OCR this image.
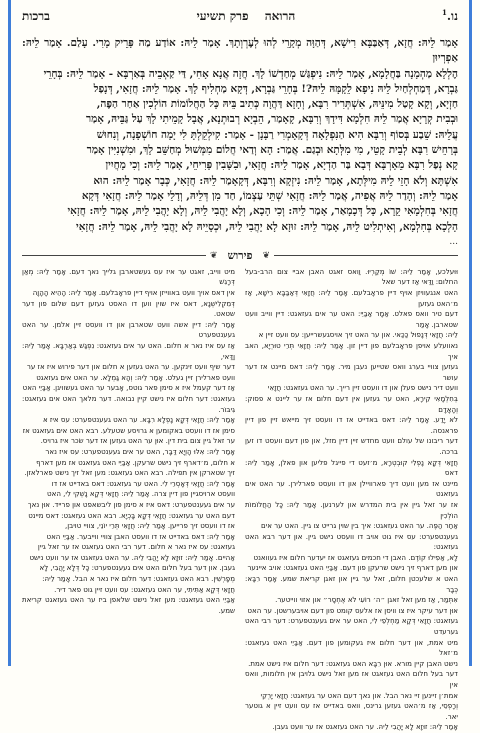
נו.$^1$
הרואה פרק תשיעי
ברכות
אָמַר לֵיהּ: חֲזָא, דְּאַבַּבָּא רִישָׁא, דְּהַוָּה מְקָרֵי לְהוּ לְעֶרְוְתָךְ. אָמַר לֵיהּ: אוֹדַע מַה פָּרֵיק מָרִי. עָלַם. אָמַר לֵיהּ: אַפְרְיוּן
הֶלְלָא מַהְמָנָה בַּחֲלָמָא, אָמַר לֵיהּ: נִיפְגַּשׁ מְחַדְשׁוֹ לָךְ. חֲזָה אֲנָא אָחִי, דַּי קַאְבֵיה בְּאַרְבָּא - אָמַר לֵיהּ: בְּחָרֵי
גַּבְרָא, דְּמַחְלְחַיִל לֵיהּ נִיפָא לֵקָמָּהּ לֵיהּ?! בְּחָרֵי גַּבְרָא, דְּקָא מַחְלִיף לָךְ. אָמַר לֵיהּ: חֲזָאִי, דְּנָפַל
חַזְיָא, וְקָא קָטַל מִינֵּיהּ, אִשְׁתְּרִיר רִבָּא, וְחָזָא דַּהֲוָה כְּתִיב בֵּיהּ כָּל הַחֲלוֹמוֹת הוֹלְכִין אַחַר הַפֶּה,
וּבְבִית קְרָיָא אֲמַר לֵיהּ חִלְמָא דִּידָךְ וְרִבָּא, קָאָמַר, הֵבְיָא רְבוּתְנָא, אֲבָל קָמֵיתִי לָךְ עַל גַּבֵּיהּ, אָמַר
עֲלֵיהּ: שֵׁבַע בְּסוֹף וְרִבָּא הִיא הַנִּפְלָאָה דְּקָאָמְרִי רַבָּנָן - אָמַר: קִילְקֵלְתָּ לִי יָמָה חוֹשְׁפָנָה, וְנִחוּשׁ
בְּרָחֵישׁ רִבָּא לְבֵית קָטֵי, מִי מִלְּתָא וּבְגַם. אֲמַר: הָא וְדַאי חֲלוֹם מִמְּשׁוּל מְחַשֵּׁב לָךְ, וּמִשְׁנִיִּין אָמַר
קָא נְפַל רִבָּא מֵאָרְבָּא דְּבָא בַּר הַדְיָא, אָמַר לֵיהּ: חֲזָאִי, וּבִשָּׁבִין פָּרִיחֵי, אָמַר לֵיהּ: וְכִי מָחֲיִין
אִשְׁתָּא וְלֹא חָזֵי לֵיהּ מִילְּתָא, אָמַר לֵיהּ: נִיזְקָא וְרִבָּא, דְּקָאָמַר לֵיהּ: חֲזָאִי, כְּבָר אָמַר לֵיהּ: הוּא
אָמַר לֵיהּ: וְהָדַר לֵיהּ אֲפִיה, אֲמַר לֵיהּ: חֲזָאִי שְׁתֵּי עַצְמוֹ, חַד מִן דְּלֵיהּ, וְדָלֵי אָמַר לֵיהּ: חֲזָאִי דְּקָא
חֲזָאִי בְּחִלְמָאִי קֵרָא, כָּל דְּכָמָאַר, אָמַר לֵיהּ: וְכִי הָכָא, וְלָא יָהֲבִי לֵיהּ, וְלָא יָהֲבִי לֵיהּ, אָמַר לֵיהּ: חֲזָאִי
הָלְכָא בְּחִלְמָא, וְאִיתְלִיט לֵיהּ, אָמַר לֵיהּ: זוּזָא לָא יָהֲבִי לֵיהּ, וּכְסָיֵיהּ לָא יָהֲבִי לֵיהּ, אָמַר לֵיהּ: חֲזָאִי
...
❦
פירוש
❦
וּוּעלכע, אָמַר לֵיהּ: שׁוֹ מְקַרְיוּ. וַואס זאגט האבן אביי צום הרב-בעל החלום: וַדַּאי אַז דער שאל
האט אנגעוויזן אויף דיין פראָבלעם. אָמַר לֵיהּ: חֲזָאִי דְּאַבַּבָּא רִישָׁא, אַז מ׳האט געזען
דעם טיר וואס פאלט. אַמָר אַבַּיֵי: האט ער אים געזאגט: דיין ווייב וועט שטארבן. אָמַר
לֵיהּ: חֲזָאִי דְּנָפוּל כַּכַּאי. און ער האט זיך אויסגעשרייען: עס וועט זיין א
נאוועלע אויפן פראָבלעם פון דיין זון. אָמַר לֵיהּ: חֲזָאִי תְּרֵי טוּרְיָא, האב איך
געזען צוויי בערג וואס שטייען נעבן מיר. אָמַר לֵיהּ: דאס מיינט אז דער עושר
וועט דיר נישט פעלן און דו וועסט זיין רייך. ער האט געזאגט: חֲזָאִי
בְּחִלְמָאִי קֵירָא, האט ער געזען אין דעם חלום אז ער ליינט א פסוק: וְהָאָדָם
לֹא יָדַע. אָמַר לֵיהּ: דאס באדייט אז דו וועסט זיך מייאש זיין פון דיין פראנסה.
דער ריבונו של עולם וועט מחדש זיין דיין מזל, און פון דעם וועסט דו זען ברכה.
חֲזָאִי דְּקָא נָפְלִי קוּבְטְרָא, מ׳זעט די פייגל פליען און פאלן, אָמַר לֵיהּ: דאס
מיינט אז מען וועט דיך פארוויילן און דו וועסט פארלירן. ער האט אים געזאגט
אז ער זאל גיין אין בית המדרש און לערנען. אָמַר לֵיהּ: כָּל הַחֲלוֹמוֹת הוֹלְכִין
אַחַר הַפֶּה. ער האט געזאגט: איך בין שוין גרייט צו גיין. האט ער אים
געענטפערט: עס איז גוט אויב דו וועסט נישט גיין. און דער רבא האט געזאגט:
לָא, אַפִילוּ קוֹדֶם. האבן די חכמים געזאגט אז יעדער חלום איז געוואנט
און מען דארף זיך נישט שרעקן פון דעם. אַבַּיֵי האט געזאגט: אויב איינער
האט א שלעכטן חלום, זאל ער גיין און זאגן קריאת שמע. אָמַר רִבָּא: כְּבָר
אִתְּמַר, אַז מען זאל זאגן ״ה׳ רוֹעִי לֹא אֶחְסָר״ און אזוי ווייטער.
אוּן דער עיקר איז צו וויסן אז אלעס קומט פון דעם אויבערשטן. ער האט
געזאגט: חֲזָאִי דְּקָא מַחְלְפֵי לִי, האט ער אים געענטפערט: דער רבי האט גערעדט
מיט אמת, און דער חלום איז געקומען פון דעם. אַבַּיֵי האט געזאגט: מ׳זאל
נישט האבן קיין מורא. אוּן רִבָּא האט געזאגט: דער חלום איז נישט אמת.
דער בעל חלום האט געזאגט אז מען זאל נישט גלויבן אין חלומות, וואס אין
אמת׳ן זיינען זיי נאר הבל. און נאך דעם האט ער געזאגט: חֲזָאִי יָרְקֵי
וְרָפְסֵי, אַז מ׳האט געזען גרינס, וואס באדייט אז עס וועט זיין א גוטער יאר.
אָמַר לֵיהּ: זוּזָא לָא יָהֲבִי לֵיהּ. ער האט געזאגט אז ער וועט געבן.
מיט ווייב, זאגט ער איז עס געשטארבן גלייך נאך דעם. אָמַר לֵיהּ: מְאַן דְּרָגִשׁ
אין דאס אויך וועט באווייזן אויף דיין פראָבלעם. אָמַר לֵיהּ: הָהֵיא הָהָוָה
דְּמִקְלִישְׁנָא, דאס איז שוין ווען דו האסט געזען דעם שלום פון דער שטאט.
אָמַר לֵיהּ: דיין אשה וועט שטארבן און דו וועסט זיין אלמן. ער האט געענטפערט
אַז עס איז נאר א חלום. האט ער אים געזאגט: נִפְגַּשׁ בְּאַרְבָּא. אָמַר לֵיהּ: וַדַּאי,
דער שיף וועט זינקען. ער האט געזען א חלום און דער פירוש איז אז ער
וועט פארלירן זיין געלט. אָמַר לֵיהּ: וְהָא גַּמְלָא. ער האט אים געזאגט
אַז דער קעמל איז א סימן פאר גוטס, אָבער ער האט געשוויגן. אַבַּיֵי האט
געזאגט: דער חלום איז נישט קיין נבואה. דער מלאך האט אים געזאגט: גִּיבּוֹר.
אָמַר לֵיהּ: חֲזָאִי דְּקָא נָפְלָא רִבָּא. ער האט געענטפערט: עס איז א
סימן אז דו וועסט באקומען א גרויסע שטעלע. רבא האט אים געזאגט אז
ער זאל גיין צום בית דין. אוּן ער האט געזען אז דער שׂכר איז גרויס.
אָמַר לֵיהּ: אִלּוּ הָוְיָא דַּבָּר, האט ער אים געענטפערט: עס איז נאר
א חלום, מ׳דארף זיך נישט שרעקן. אַבַּיֵי האט געזאגט אז מען דארף
זיך שטארקן אין תפילה. רבא האט געזאגט: מען זאל זיך נישט פארלאזן.
אָמַר לֵיהּ: חֲזָאִי דְּאָסְרֵי לִי. האט ער געזאגט: דאס באדייט אז דו
וועסט ארויסגיין פון דיין צרה. אָמַר לֵיהּ: חֲזָאִי דְּקָא נָשְׁקִי לִי, האט
ער אים געענטפערט: דאס איז א סימן פון ליבשאפט און פרייד. אוּן נאך
דעם האט ער געזאגט: חֲזָאִי דְּקָא בָּכְיָא. רבא האט געזאגט: דאס מיינט
אז דו וועסט זיך פרייען. אָמַר לֵיהּ: חֲזָאִי תְּרֵי יוֹנֵי, צוויי טויבן,
אָמַר לֵיהּ: דאס באדייט אז דו וועסט האבן צוויי ווייבער. אַבַּיֵי האט
געזאגט: עס איז נאר א חלום. דער רבי האט געזאגט אז ער זאל גיין
אַהיים. אָמַר לֵיהּ: זוּזָא לָא יָהֲבִי לֵיהּ. ער האט געזאגט אז ער וועט נישט
געבן. און דער בעל חלום האט אים געענטפערט: כָּל דְּלָא יָהֲבִי, לָא
מְפָרְשִׁין. רבא האט געזאגט: דער חלום איז נאר א הבל. אָמַר לֵיהּ:
חֲזָאִי דְּקָא אַתִּיתִי, ער האט געזאגט: עס וועט זיין גוט פאר דיר.
אַבַּיֵי האט געזאגט: מען זאל נישט שלאפן ביז ער האט געזאגט קריאת שמע.
